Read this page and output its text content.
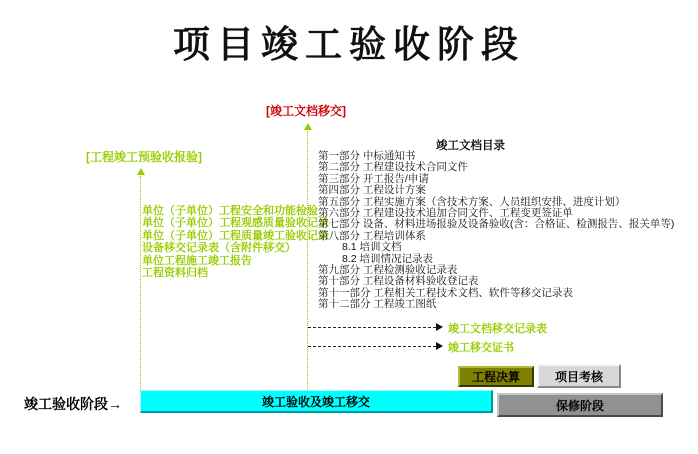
项目竣工验收阶段
[竣工文档移交]
[工程竣工预验收报验]
单位（子单位）工程安全和功能检验
单位（子单位）工程观感质量验收记录
单位（子单位）工程质量竣工验收记录
设备移交记录表（含附件移交）
单位工程施工竣工报告
工程资料归档
竣工文档目录
第一部分 中标通知书
第二部分 工程建设技术合同文件
第三部分 开工报告/申请
第四部分 工程设计方案
第五部分 工程实施方案（含技术方案、人员组织安排、进度计划）
第六部分 工程建设技术追加合同文件、工程变更签证单
第七部分 设备、材料进场报验及设备验收(含：合格证、检测报告、报关单等)
第八部分 工程培训体系
8.1 培训文档
8.2 培训情况记录表
第九部分 工程检测验收记录表
第十部分 工程设备材料验收登记表
第十一部分 工程相关工程技术文档、软件等移交记录表
第十二部分 工程竣工图纸
竣工文档移交记录表
竣工移交证书
工程决算	项目考核
竣工验收阶段→	竣工验收及竣工移交	保修阶段
